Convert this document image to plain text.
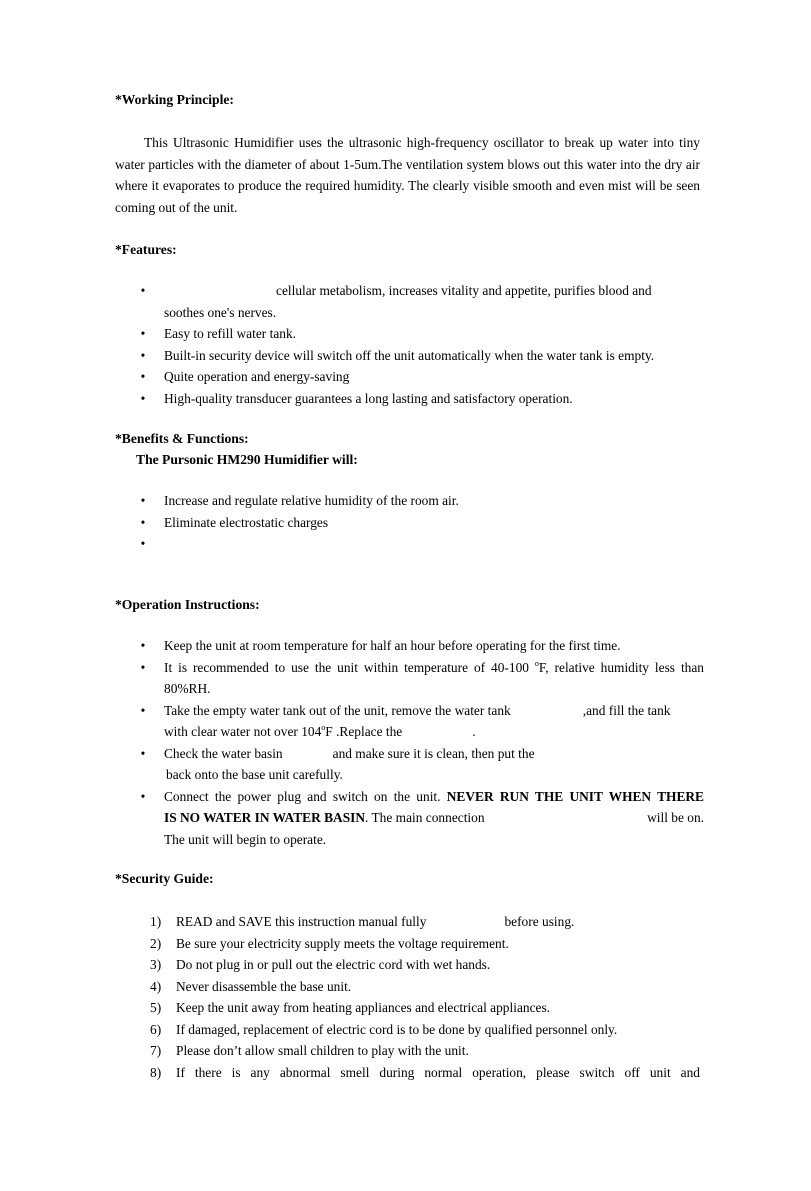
*Working Principle:
This Ultrasonic Humidifier uses the ultrasonic high-frequency oscillator to break up water into tiny water particles with the diameter of about 1-5um.The ventilation system blows out this water into the dry air where it evaporates to produce the required humidity. The clearly visible smooth and even mist will be seen coming out of the unit.
*Features:
•	cellular metabolism, increases vitality and appetite, purifies blood and
soothes one's nerves.
• Easy to refill water tank.
• Built-in security device will switch off the unit automatically when the water tank is empty.
• Quite operation and energy-saving
• High-quality transducer guarantees a long lasting and satisfactory operation.
*Benefits & Functions:
The Pursonic HM290 Humidifier will:
• Increase and regulate relative humidity of the room air.
• Eliminate electrostatic charges
•
*Operation Instructions:
• Keep the unit at room temperature for half an hour before operating for the first time.
• It is recommended to use the unit within temperature of 40-100 $^o$F, relative humidity less than
80%RH.
• Take the empty water tank out of the unit, remove the water tank	,and fill the tank
with clear water not over 104$^o$F .Replace the	.
• Check the water basin	and make sure it is clean, then put the
back onto the base unit carefully.
• Connect the power plug and switch on the unit. NEVER RUN THE UNIT WHEN THERE
IS NO WATER IN WATER BASIN. The main connection	will be on.
The unit will begin to operate.
*Security Guide:
1) READ and SAVE this instruction manual fully	before using.
2) Be sure your electricity supply meets the voltage requirement.
3) Do not plug in or pull out the electric cord with wet hands.
4) Never disassemble the base unit.
5) Keep the unit away from heating appliances and electrical appliances.
6) If damaged, replacement of electric cord is to be done by qualified personnel only.
7) Please don’t allow small children to play with the unit.
8) If there is any abnormal smell during normal operation, please switch off unit and
